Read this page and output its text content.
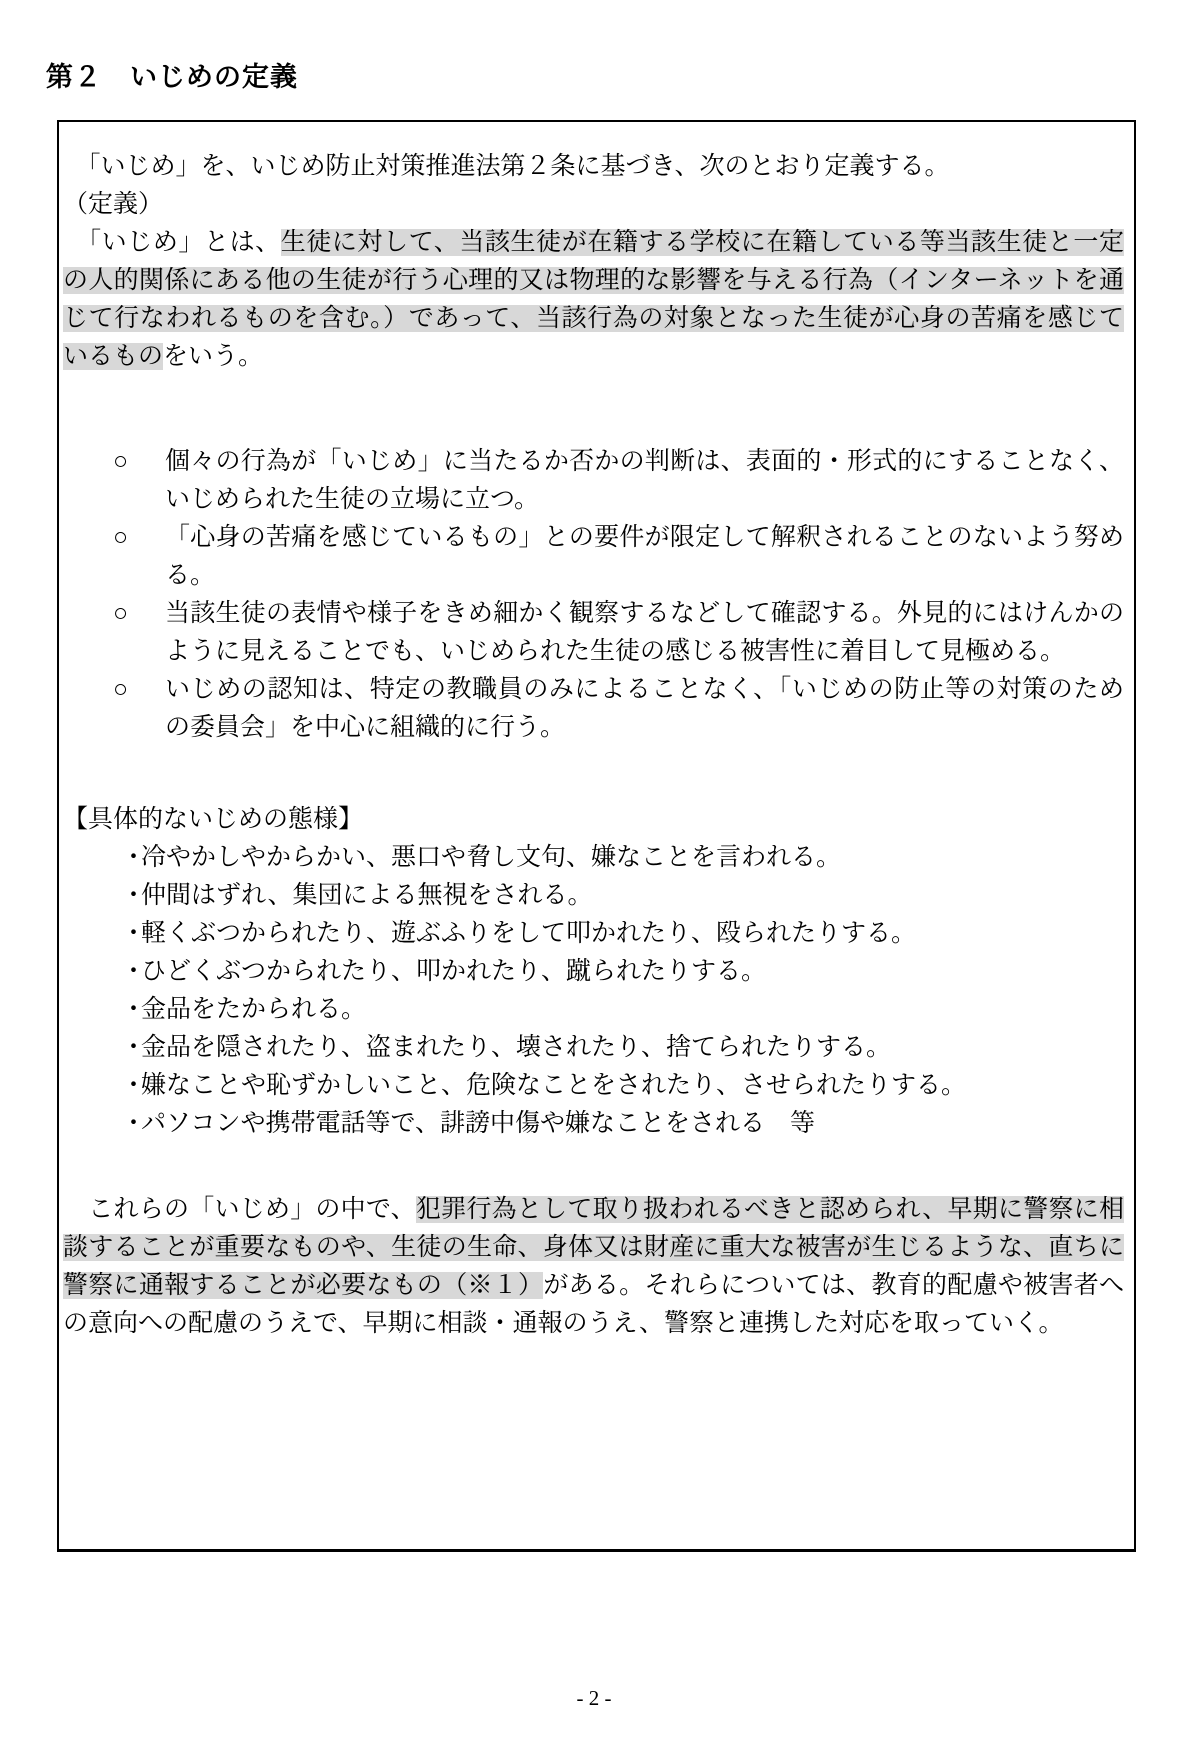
第２　いじめの定義

　「いじめ」を、いじめ防止対策推進法第２条に基づき、次のとおり定義する。

（定義）

　「いじめ」とは、生徒に対して、当該生徒が在籍する学校に在籍している等当該生徒と一定の人的関係にある他の生徒が行う心理的又は物理的な影響を与える行為（インターネットを通じて行なわれるものを含む。）であって、当該行為の対象となった生徒が心身の苦痛を感じているものをいう。

○ 個々の行為が「いじめ」に当たるか否かの判断は、表面的・形式的にすることなく、いじめられた生徒の立場に立つ。
○ 「心身の苦痛を感じているもの」との要件が限定して解釈されることのないよう努める。
○ 当該生徒の表情や様子をきめ細かく観察するなどして確認する。外見的にはけんかのように見えることでも、いじめられた生徒の感じる被害性に着目して見極める。
○ いじめの認知は、特定の教職員のみによることなく、「いじめの防止等の対策のための委員会」を中心に組織的に行う。

【具体的ないじめの態様】

・
冷やかしやからかい、悪口や脅し文句、嫌なことを言われる。
・
仲間はずれ、集団による無視をされる。
・
軽くぶつかられたり、遊ぶふりをして叩かれたり、殴られたりする。
・
ひどくぶつかられたり、叩かれたり、蹴られたりする。
・
金品をたかられる。
・
金品を隠されたり、盗まれたり、壊されたり、捨てられたりする。
・
嫌なことや恥ずかしいこと、危険なことをされたり、させられたりする。
・
パソコンや携帯電話等で、誹謗中傷や嫌なことをされる　等

　これらの「いじめ」の中で、犯罪行為として取り扱われるべきと認められ、早期に警察に相談することが重要なものや、生徒の生命、身体又は財産に重大な被害が生じるような、直ちに警察に通報することが必要なもの（※１）がある。それらについては、教育的配慮や被害者への意向への配慮のうえで、早期に相談・通報のうえ、警察と連携した対応を取っていく。

- 2 -
